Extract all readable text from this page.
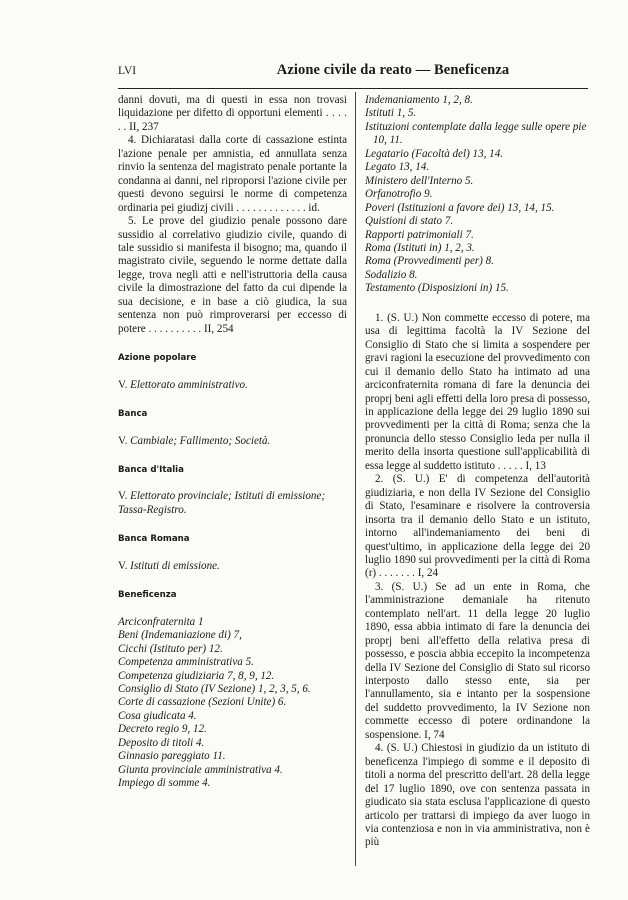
LVI	Azione civile da reato — Beneficenza

danni dovuti, ma di questi in essa non trovasi liquidazione per difetto di opportuni elementi . . . . . . II, 237

4. Dichiaratasi dalla corte di cassazione estinta l'azione penale per amnistia, ed annullata senza rinvio la sentenza del magistrato penale portante la condanna ai danni, nel riproporsi l'azione civile per questi devono seguirsi le norme di competenza ordinaria pei giudizj civili . . . . . . . . . . . . . id.

5. Le prove del giudizio penale possono dare sussidio al correlativo giudizio civile, quando di tale sussidio si manifesta il bisogno; ma, quando il magistrato civile, seguendo le norme dettate dalla legge, trova negli atti e nell'istruttoria della causa civile la dimostrazione del fatto da cui dipende la sua decisione, e in base a ciò giudica, la sua sentenza non può rimproverarsi per eccesso di potere . . . . . . . . . . II, 254

Azione popolare

V. Elettorato amministrativo.

Banca

V. Cambiale; Fallimento; Società.

Banca d'Italia

V. Elettorato provinciale; Istituti di emissione; Tassa-Registro.

Banca Romana

V. Istituti di emissione.

Beneficenza

Arciconfraternita 1

Beni (Indemaniazione di) 7,

Cicchi (Istituto per) 12.

Competenza amministrativa 5.

Competenza giudiziaria 7, 8, 9, 12.

Consiglio di Stato (IV Sezione) 1, 2, 3, 5, 6.

Corte di cassazione (Sezioni Unite) 6.

Cosa giudicata 4.

Decreto regio 9, 12.

Deposito di titoli 4.

Ginnasio pareggiato 11.

Giunta provinciale amministrativa 4.

Impiego di somme 4.

Indemaniamento 1, 2, 8.

Istituti 1, 5.

Istituzioni contemplate dalla legge sulle opere pie 10, 11.

Legatario (Facoltà del) 13, 14.

Legato 13, 14.

Ministero dell'Interno 5.

Orfanotrofio 9.

Poveri (Istituzioni a favore dei) 13, 14, 15.

Quistioni di stato 7.

Rapporti patrimoniali 7.

Roma (Istituti in) 1, 2, 3.

Roma (Provvedimenti per) 8.

Sodalizio 8.

Testamento (Disposizioni in) 15.

1. (S. U.) Non commette eccesso di potere, ma usa di legittima facoltà la IV Sezione del Consiglio di Stato che si limita a sospendere per gravi ragioni la esecuzione del provvedimento con cui il demanio dello Stato ha intimato ad una arciconfraternita romana di fare la denuncia dei proprj beni agli effetti della loro presa di possesso, in applicazione della legge dei 29 luglio 1890 sui provvedimenti per la città di Roma; senza che la pronuncia dello stesso Consiglio leda per nulla il merito della insorta questione sull'applicabilità di essa legge al suddetto istituto . . . . . I, 13

2. (S. U.) E' di competenza dell'autorità giudiziaria, e non della IV Sezione del Consiglio di Stato, l'esaminare e risolvere la controversia insorta tra il demanio dello Stato e un istituto, intorno all'indemaniamento dei beni di quest'ultimo, in applicazione della legge dei 20 luglio 1890 sui provvedimenti per la città di Roma (r) . . . . . . . I, 24

3. (S. U.) Se ad un ente in Roma, che l'amministrazione demaniale ha ritenuto contemplato nell'art. 11 della legge 20 luglio 1890, essa abbia intimato di fare la denuncia dei proprj beni all'effetto della relativa presa di possesso, e poscia abbia eccepito la incompetenza della IV Sezione del Consiglio di Stato sul ricorso interposto dallo stesso ente, sia per l'annullamento, sia e intanto per la sospensione del suddetto provvedimento, la IV Sezione non commette eccesso di potere ordinandone la sospensione. I, 74

4. (S. U.) Chiestosi in giudizio da un istituto di beneficenza l'impiego di somme e il deposito di titoli a norma del prescritto dell'art. 28 della legge del 17 luglio 1890, ove con sentenza passata in giudicato sia stata esclusa l'applicazione di questo articolo per trattarsi di impiego da aver luogo in via contenziosa e non in via amministrativa, non è più
